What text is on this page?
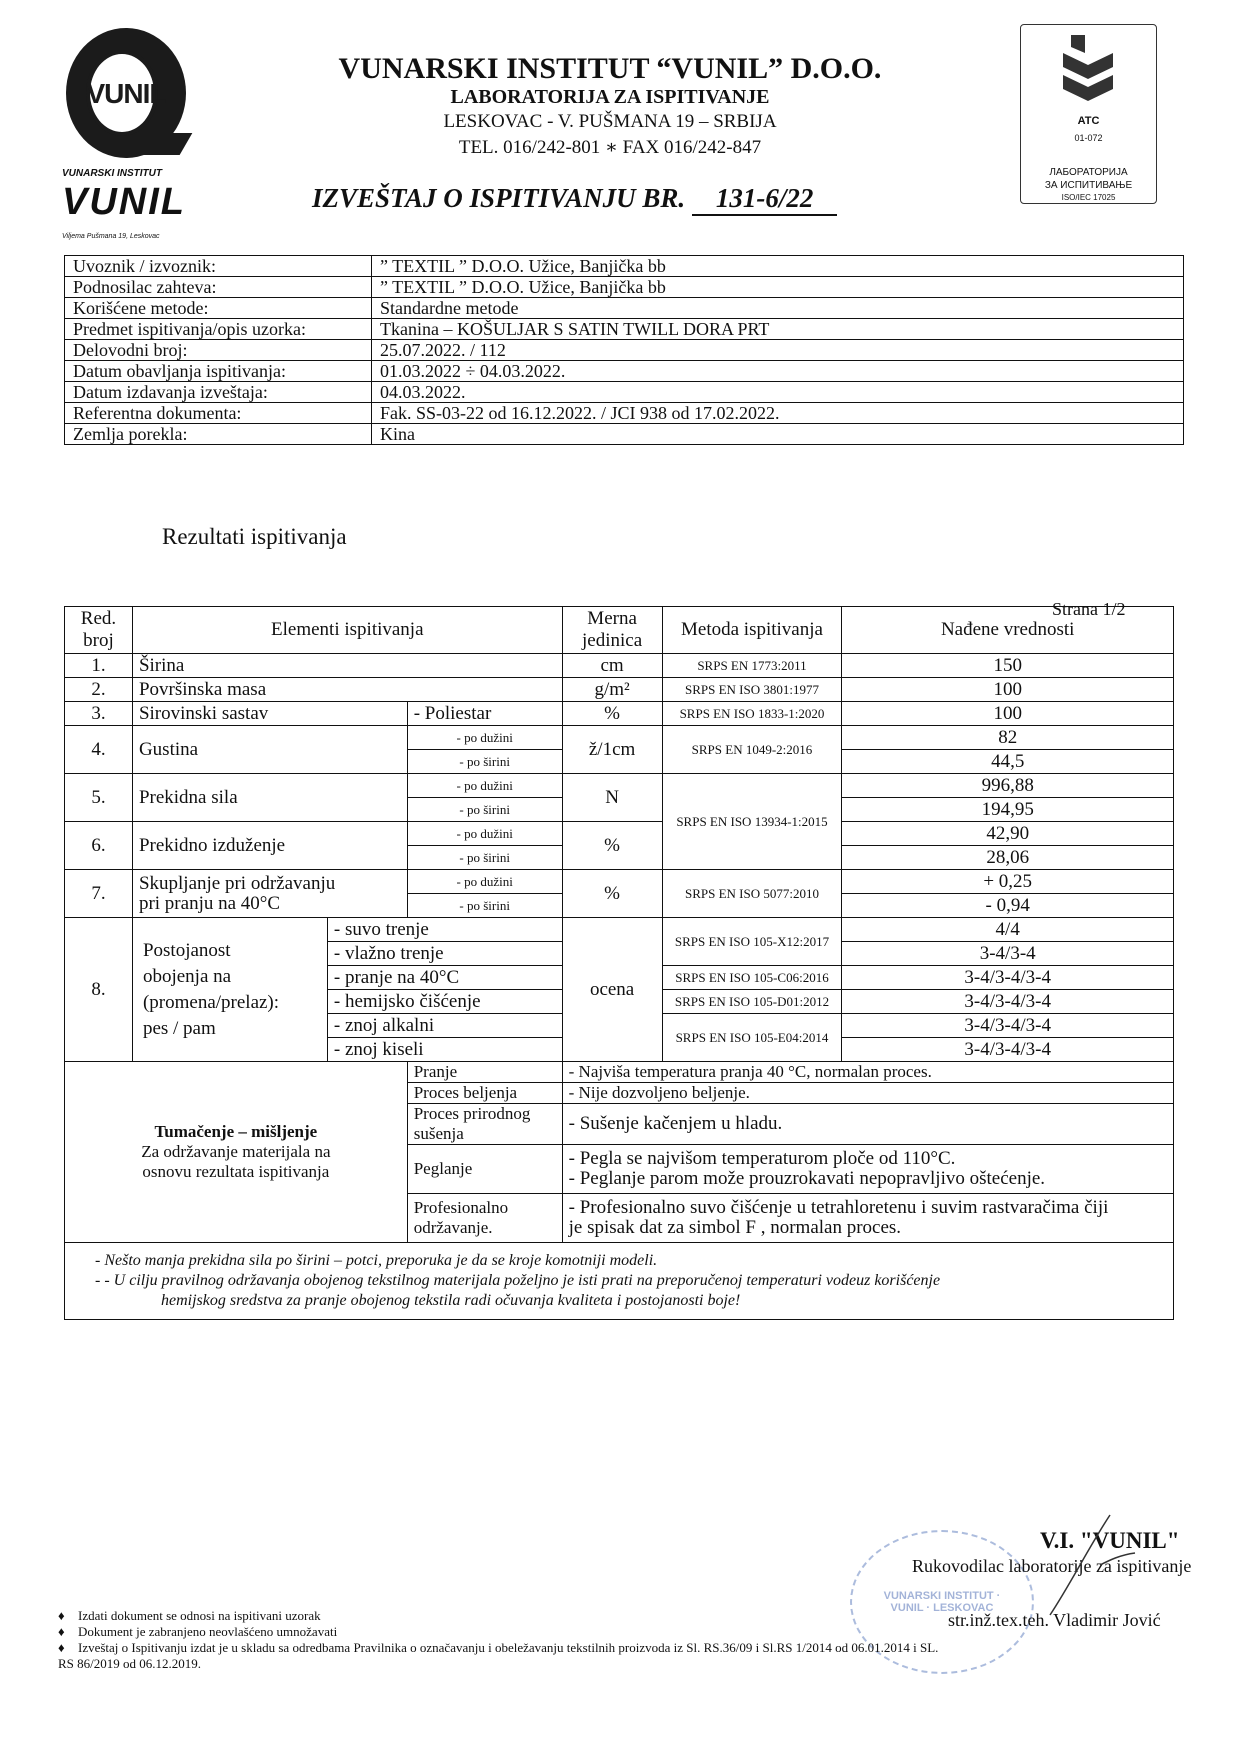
VUNIL
VUNARSKI INSTITUT
VUNIL
Viljema Pušmana 19, Leskovac
VUNARSKI INSTITUT “VUNIL” D.O.O.
LABORATORIJA ZA ISPITIVANJE
LESKOVAC - V. PUŠMANA 19 – SRBIJA
TEL. 016/242-801 ∗ FAX 016/242-847
IZVEŠTAJ O ISPITIVANJU BR. 131-6/22
ATC
01-072
ЛАБОРАТОРИЈА
ЗА ИСПИТИВАЊЕ
ISO/IEC 17025
Uvoznik / izvoznik:	” TEXTIL ” D.O.O. Užice, Banjička bb
Podnosilac zahteva:	” TEXTIL ” D.O.O. Užice, Banjička bb
Korišćene metode:	Standardne metode
Predmet ispitivanja/opis uzorka:	Tkanina – KOŠULJAR S SATIN TWILL DORA PRT
Delovodni broj:	25.07.2022. / 112
Datum obavljanja ispitivanja:	01.03.2022 ÷ 04.03.2022.
Datum izdavanja izveštaja:	04.03.2022.
Referentna dokumenta:	Fak. SS-03-22 od 16.12.2022. / JCI 938 od 17.02.2022.
Zemlja porekla:	Kina
Rezultati ispitivanja
Strana 1/2
Red. broj	Elementi ispitivanja			Merna jedinica	Metoda ispitivanja	Nađene vrednosti
1.	Širina			cm	SRPS EN 1773:2011	150
2.	Površinska masa			g/m²	SRPS EN ISO 3801:1977	100
3.	Sirovinski sastav		- Poliestar	%	SRPS EN ISO 1833-1:2020	100
4.	Gustina		- po dužini	ž/1cm	SRPS EN 1049-2:2016	82
			- po širini			44,5
5.	Prekidna sila		- po dužini	N	SRPS EN ISO 13934-1:2015	996,88
			- po širini			194,95
6.	Prekidno izduženje		- po dužini	%		42,90
			- po širini			28,06
7.	Skupljanje pri održavanju
pri pranju na 40°C		- po dužini	%	SRPS EN ISO 5077:2010	+ 0,25
			- po širini			- 0,94
8.	Postojanost
obojenja na
(promena/prelaz):
pes / pam	- suvo trenje		ocena	SRPS EN ISO 105-X12:2017	4/4
		- vlažno trenje				3-4/3-4
		- pranje na 40°C			SRPS EN ISO 105-C06:2016	3-4/3-4/3-4
		- hemijsko čišćenje			SRPS EN ISO 105-D01:2012	3-4/3-4/3-4
		- znoj alkalni			SRPS EN ISO 105-E04:2014	3-4/3-4/3-4
		- znoj kiseli				3-4/3-4/3-4

Tumačenje – mišljenje
Za održavanje materijala na
osnovu rezultata ispitivanja			Pranje	- Najviša temperatura pranja 40 °C, normalan proces.		
			Proces beljenja	- Nije dozvoljeno beljenje.		
			Proces prirodnog sušenja	- Sušenje kačenjem u hladu.		
			Peglanje	- Pegla se najvišom temperaturom ploče od 110°C.
- Peglanje parom može prouzrokavati nepopravljivo oštećenje.		

			Profesionalno održavanje.	- Profesionalno suvo čišćenje u tetrahloretenu i suvim rastvaračima čiji
je spisak dat za simbol F , normalan proces.		

- Nešto manja prekidna sila po širini – potci, preporuka je da se kroje komotniji modeli.
- - U cilju pravilnog održavanja obojenog tekstilnog materijala poželjno je isti prati na preporučenoj temperaturi vodeuz korišćenje
hemijskog sredstva za pranje obojenog tekstila radi očuvanja kvaliteta i postojanosti boje!						
VUNARSKI INSTITUT · VUNIL · LESKOVAC
V.I. "VUNIL"
Rukovodilac laboratorije za ispitivanje
str.inž.tex.teh. Vladimir Jović
♦ Izdati dokument se odnosi na ispitivani uzorak
♦ Dokument je zabranjeno neovlašćeno umnožavati
♦ Izveštaj o Ispitivanju izdat je u skladu sa odredbama Pravilnika o označavanju i obeležavanju tekstilnih proizvoda iz Sl. RS.36/09 i Sl.RS 1/2014 od 06.01.2014 i SL.
RS 86/2019 od 06.12.2019.
